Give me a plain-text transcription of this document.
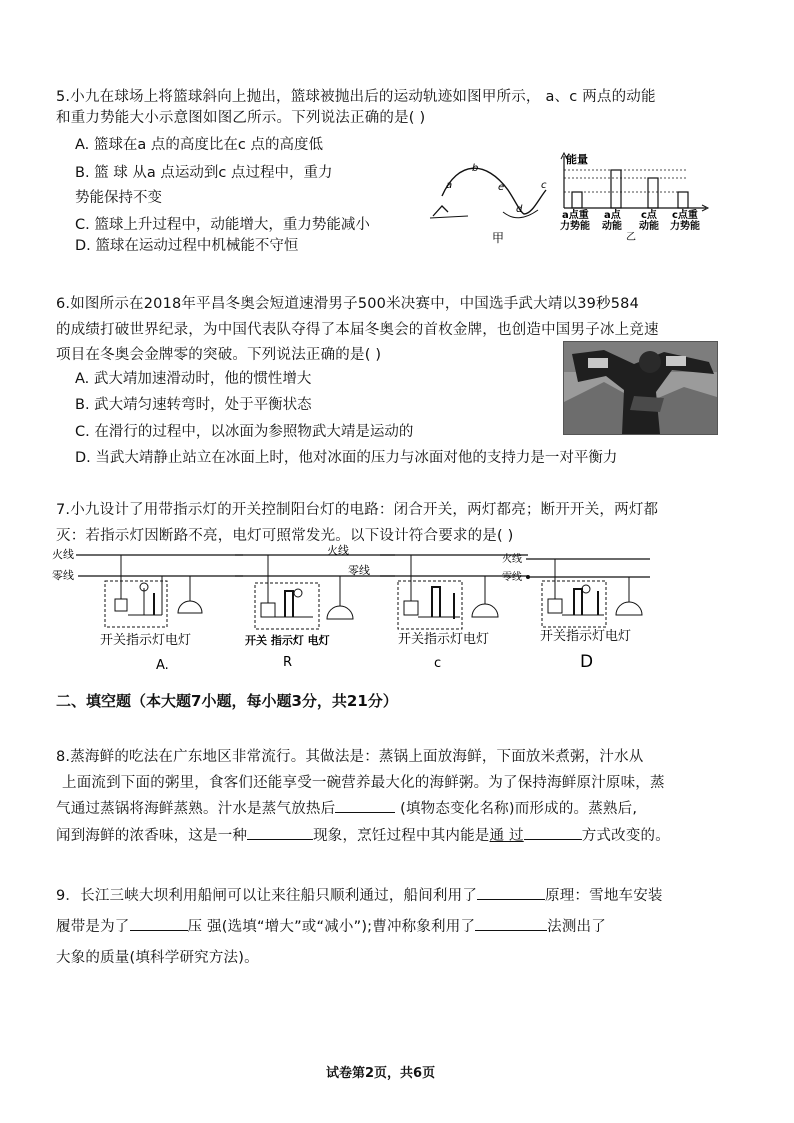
5.小九在球场上将篮球斜向上抛出，篮球被抛出后的运动轨迹如图甲所示， a、c 两点的动能
和重力势能大小示意图如图乙所示。下列说法正确的是( )
A. 篮球在a 点的高度比在c 点的高度低
B. 篮 球 从a 点运动到c 点过程中，重力
势能保持不变
C. 篮球上升过程中，动能增大，重力势能减小
D. 篮球在运动过程中机械能不守恒
a
b
c
d
e
甲
能量
a点重
力势能
a点
动能
c点
动能
c点重
力势能
乙
6.如图所示在2018年平昌冬奥会短道速滑男子500米决赛中，中国选手武大靖以39秒584
的成绩打破世界纪录，为中国代表队夺得了本届冬奥会的首枚金牌，也创造中国男子冰上竞速
项目在冬奥会金牌零的突破。下列说法正确的是( )
A. 武大靖加速滑动时，他的惯性增大
B. 武大靖匀速转弯时，处于平衡状态
C. 在滑行的过程中，以冰面为参照物武大靖是运动的
D. 当武大靖静止站立在冰面上时，他对冰面的压力与冰面对他的支持力是一对平衡力
7.小九设计了用带指示灯的开关控制阳台灯的电路：闭合开关，两灯都亮；断开开关，两灯都
灭：若指示灯因断路不亮，电灯可照常发光。以下设计符合要求的是( )
火线
零线
开关指示灯电灯
A.
火线
零线
开关 指示灯 电灯
R
开关指示灯电灯
c
火线
零线
开关指示灯电灯
D
二、填空题（本大题7小题，每小题3分，共21分）
8.蒸海鲜的吃法在广东地区非常流行。其做法是：蒸锅上面放海鲜，下面放米煮粥，汁水从
上面流到下面的粥里，食客们还能享受一碗营养最大化的海鲜粥。为了保持海鲜原汁原味，蒸
气通过蒸锅将海鲜蒸熟。汁水是蒸气放热后	(填物态变化名称)而形成的。蒸熟后,
闻到海鲜的浓香味，这是一种	现象，烹饪过程中其内能是通 过	方式改变的。
9．长江三峡大坝利用船闸可以让来往船只顺利通过，船间利用了	原理：雪地车安装
履带是为了	压 强(选填“增大”或“减小”);曹冲称象利用了	法测出了
大象的质量(填科学研究方法)。
试卷第2页，共6页
